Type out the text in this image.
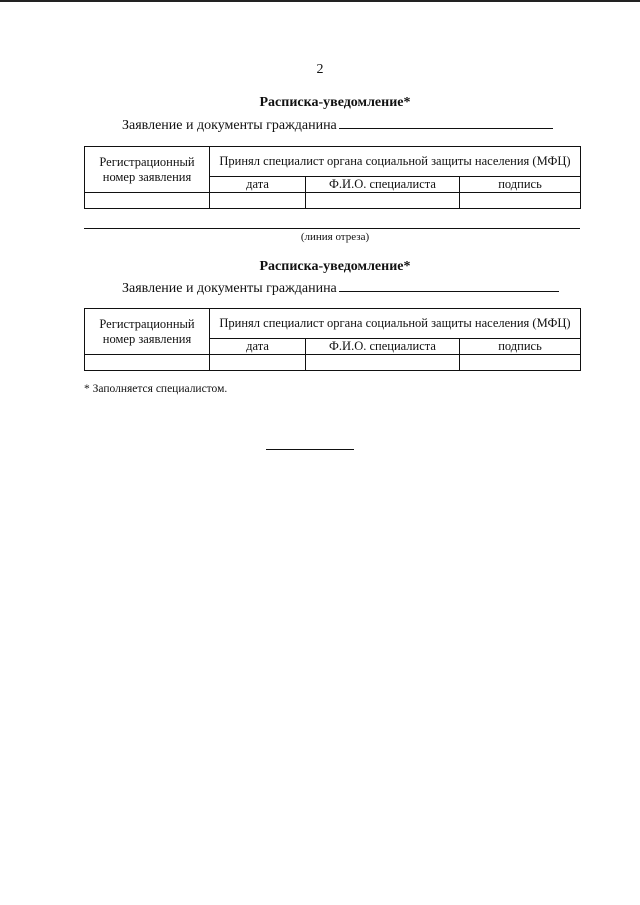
2
Расписка-уведомление*
Заявление и документы гражданина
Регистрационный номер заявления	Принял специалист органа социальной защиты населения (МФЦ)		
	дата	Ф.И.О. специалиста	подпись

(линия отреза)
Расписка-уведомление*
Заявление и документы гражданина
Регистрационный номер заявления	Принял специалист органа социальной защиты населения (МФЦ)		
	дата	Ф.И.О. специалиста	подпись

* Заполняется специалистом.
